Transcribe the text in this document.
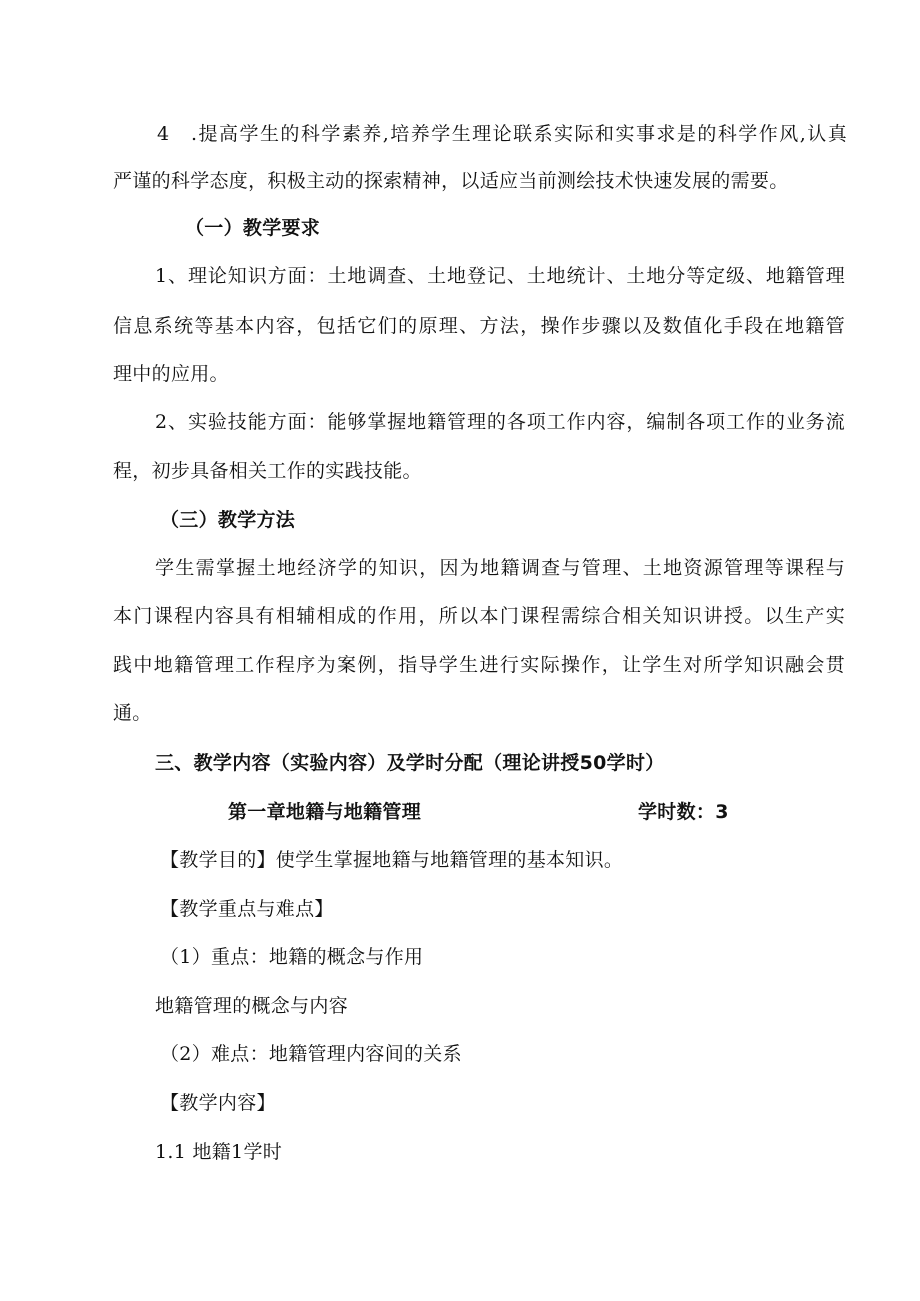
4　.提高学生的科学素养,培养学生理论联系实际和实事求是的科学作风,认真
严谨的科学态度，积极主动的探索精神，以适应当前测绘技术快速发展的需要。
（一）教学要求
1、理论知识方面：土地调查、土地登记、土地统计、土地分等定级、地籍管理
信息系统等基本内容，包括它们的原理、方法，操作步骤以及数值化手段在地籍管
理中的应用。
2、实验技能方面：能够掌握地籍管理的各项工作内容，编制各项工作的业务流
程，初步具备相关工作的实践技能。
（三）教学方法
学生需掌握土地经济学的知识，因为地籍调查与管理、土地资源管理等课程与
本门课程内容具有相辅相成的作用，所以本门课程需综合相关知识讲授。以生产实
践中地籍管理工作程序为案例，指导学生进行实际操作，让学生对所学知识融会贯
通。
三、教学内容（实验内容）及学时分配（理论讲授50学时）
第一章地籍与地籍管理	学时数：3
【教学目的】使学生掌握地籍与地籍管理的基本知识。
【教学重点与难点】
（1）重点：地籍的概念与作用
地籍管理的概念与内容
（2）难点：地籍管理内容间的关系
【教学内容】
1.1 地籍1学时
